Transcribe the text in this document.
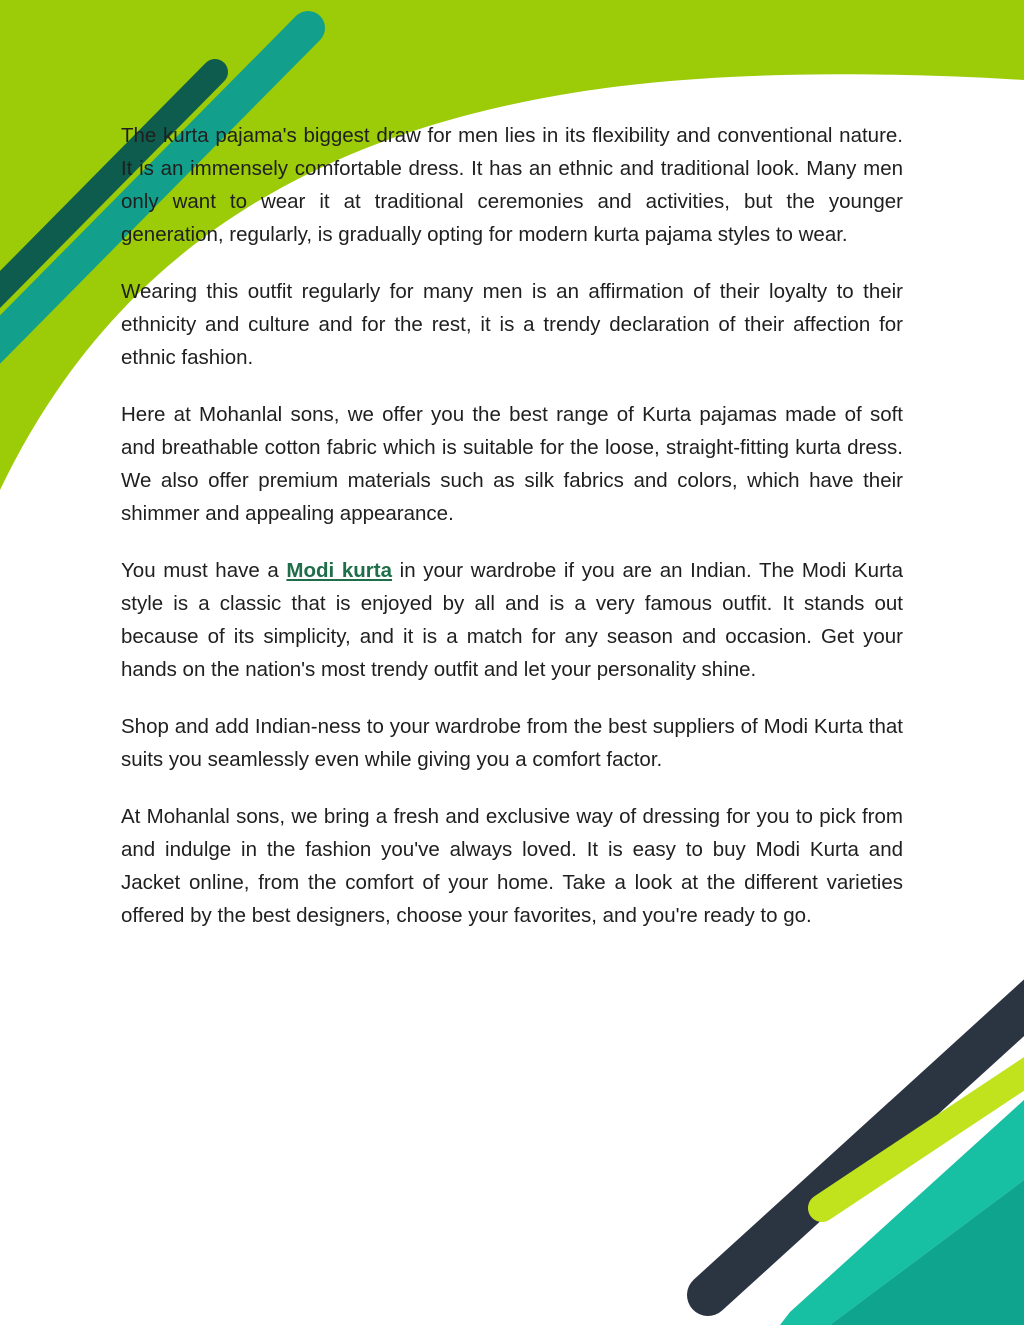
The kurta pajama's biggest draw for men lies in its flexibility and conventional nature. It is an immensely comfortable dress. It has an ethnic and traditional look. Many men only want to wear it at traditional ceremonies and activities, but the younger generation, regularly, is gradually opting for modern kurta pajama styles to wear.

Wearing this outfit regularly for many men is an affirmation of their loyalty to their ethnicity and culture and for the rest, it is a trendy declaration of their affection for ethnic fashion.

Here at Mohanlal sons, we offer you the best range of Kurta pajamas made of soft and breathable cotton fabric which is suitable for the loose, straight-fitting kurta dress. We also offer premium materials such as silk fabrics and colors, which have their shimmer and appealing appearance.

You must have a Modi kurta in your wardrobe if you are an Indian. The Modi Kurta style is a classic that is enjoyed by all and is a very famous outfit. It stands out because of its simplicity, and it is a match for any season and occasion. Get your hands on the nation's most trendy outfit and let your personality shine.

Shop and add Indian-ness to your wardrobe from the best suppliers of Modi Kurta that suits you seamlessly even while giving you a comfort factor.

At Mohanlal sons, we bring a fresh and exclusive way of dressing for you to pick from and indulge in the fashion you've always loved. It is easy to buy Modi Kurta and Jacket online, from the comfort of your home. Take a look at the different varieties offered by the best designers, choose your favorites, and you're ready to go.
